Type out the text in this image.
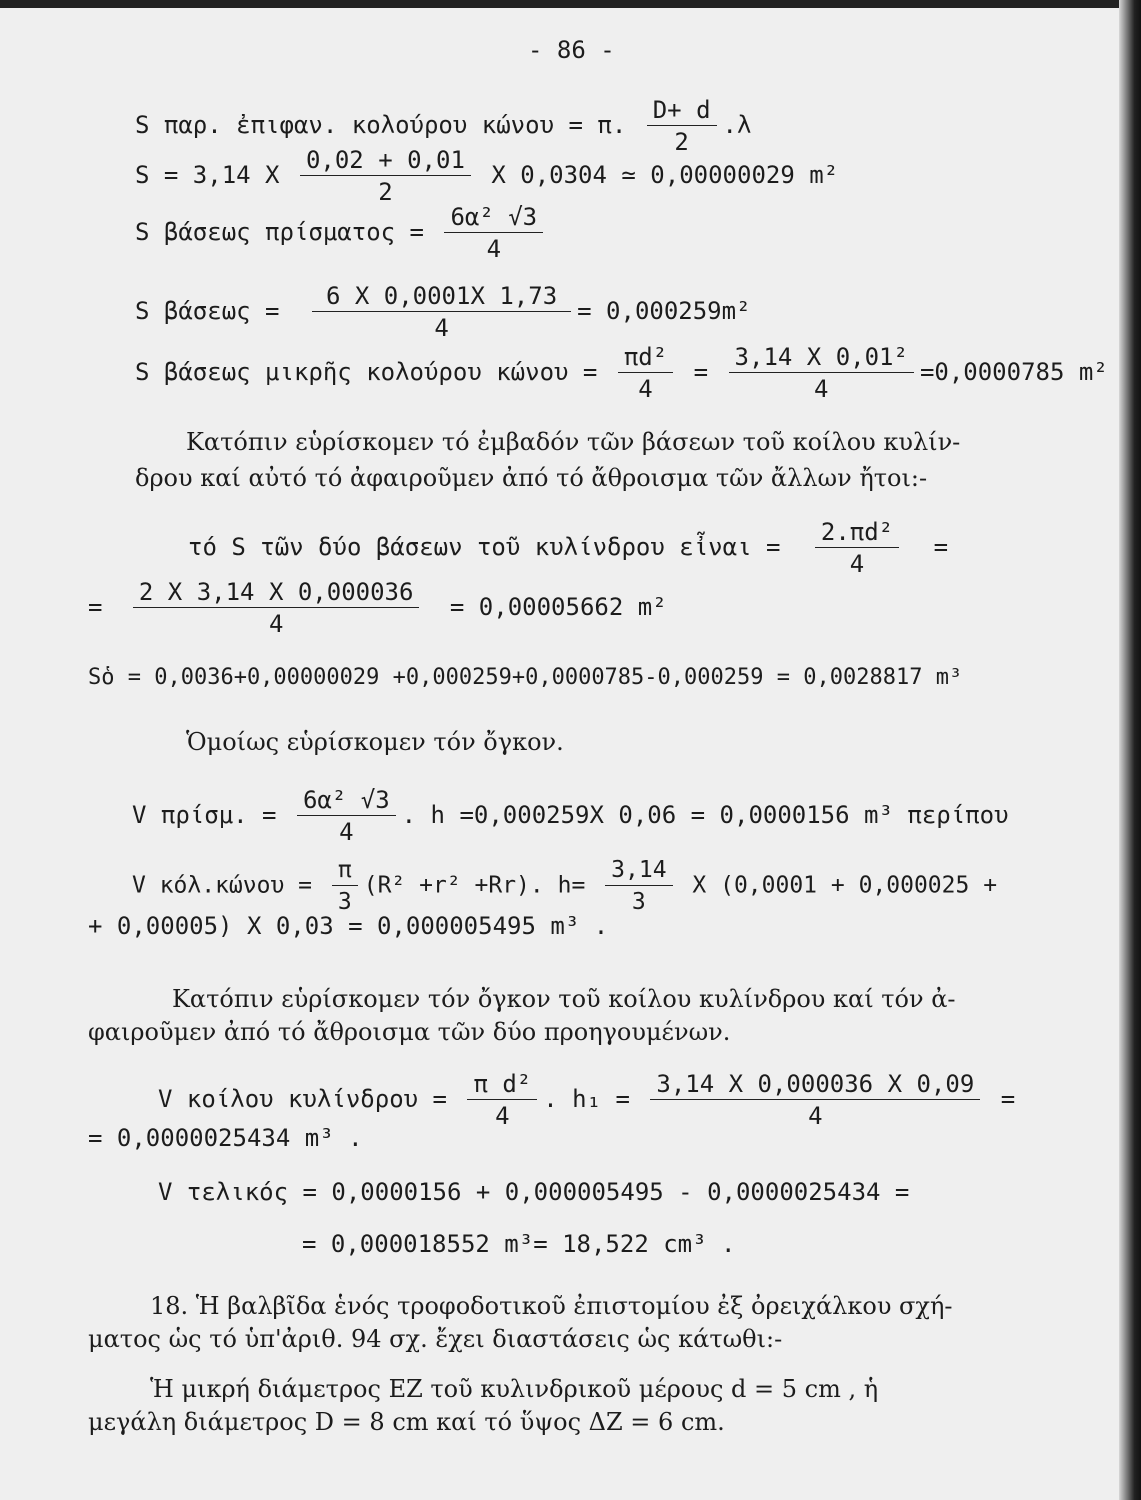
- 86 -
S παρ. ἐπιφαν. κολούρου κώνου = π. $\frac{D+ d}{2} .\lambda$
S = 3,14 X $\frac{0,02 + 0,01}{2}$ X 0,0304 ≃ 0,00000029 m²
S βάσεως $\pi\rho ί\sigma\mu\alpha\tau o\varsigma = \frac{\text{6α² √3}}{4}$
S $\beta ά\sigma\varepsilon\omega\varsigma = \frac{6 X 0,0001X 1,73}{4} = 0,000259m^2$
S βάσεως μικρῆς κολούρου $\kappa ώ\nu o\upsilon = \frac{\text{πd²}}{4} = \frac{\text{3,14 X 0,01²}}{4} =0,0000785$ m²
Κατόπιν εὑρίσκομεν τό ἐμβαδόν τῶν βάσεων τοῦ κοίλου κυλίν-
δρου καί αὐτό τό ἀφαιροῦμεν ἀπό τό ἄθροισμα τῶν ἄλλων ἤτοι:-
τό S τῶν δύο βάσεων τοῦ κυλίνδρου εἶναι = $\frac{\text{2.πd²}}{4}$ =
= $\frac{2 X 3,14 X 0,000036}{4} = 0,00005662$ m²
Sὁ = 0,0036+0,00000029 +0,000259+0,0000785-0,000259 = 0,0028817 m³
Ὁμοίως εὑρίσκομεν τόν ὄγκον.
V πρίσμ. = $\frac{\text{6α² √3}}{4}$ . h =0,000259X 0,06 = 0,0000156 m³ περίπου
V $\kappa ό\lambda.\kappa ώ\nu o\upsilon = \frac{\pi}{3} (R^2 +r^2 +Rr)$. $h= \frac{3,14}{3}$ X (0,0001 + 0,000025 +
+ 0,00005) X 0,03 = 0,000005495 m³ .
Κατόπιν εὑρίσκομεν τόν ὄγκον τοῦ κοίλου κυλίνδρου καί τόν ἀ-
φαιροῦμεν ἀπό τό ἄθροισμα τῶν δύο προηγουμένων.
V κοίλου $\kappa\upsilon\lambda ί\nu\delta\rho o\upsilon = \frac{\text{π d²}}{4}$ . $h_1 = \frac{3,14 X 0,000036 X 0,09}{4}$ =
= 0,0000025434 m³ .
V τελικός = 0,0000156 + 0,000005495 - 0,0000025434 =
= 0,000018552 m³= 18,522 cm³ .
18. Ἡ βαλβῖδα ἑνός τροφοδοτικοῦ ἐπιστομίου ἐξ ὀρειχάλκου σχή-
ματος ὡς τό ὑπ'ἀριθ. 94 σχ. ἔχει διαστάσεις ὡς κάτωθι:-
Ἡ μικρή διάμετρος ΕΖ τοῦ κυλινδρικοῦ μέρους d = 5 cm , ἡ
μεγάλη διάμετρος D = 8 cm καί τό ὕψος ΔΖ = 6 cm.
